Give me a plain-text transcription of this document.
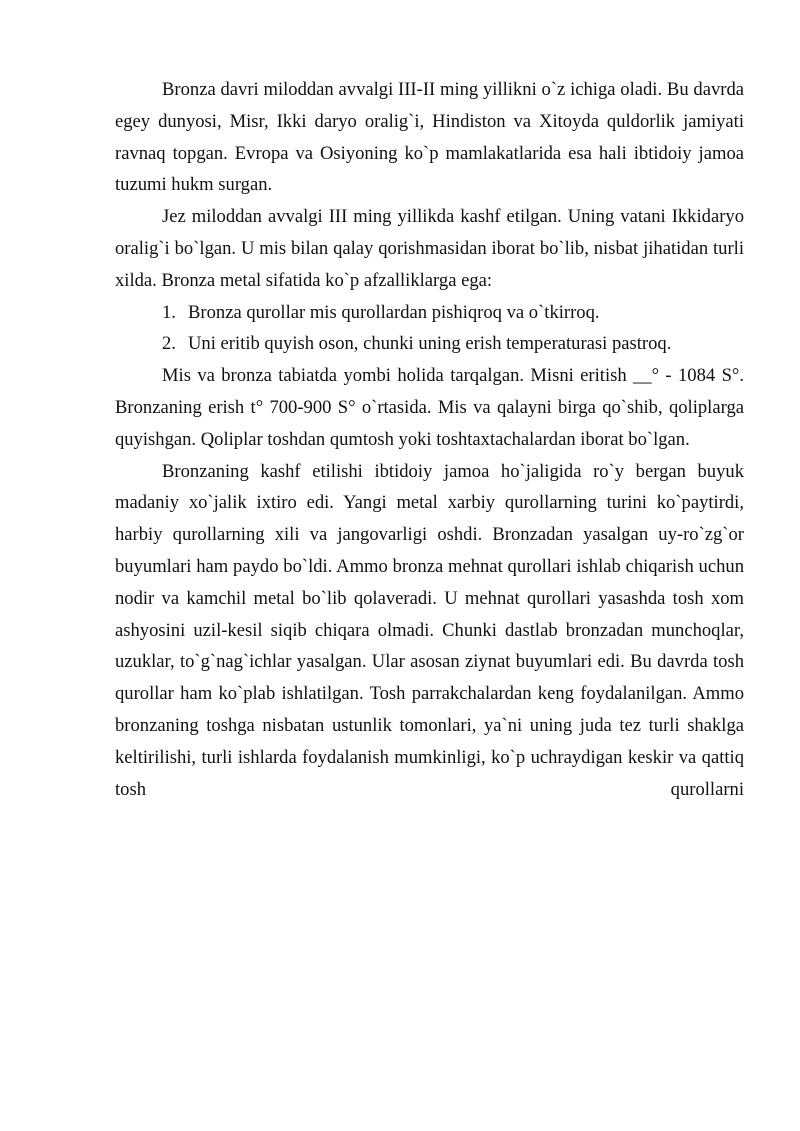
Bronza davri miloddan avvalgi III-II ming yillikni o`z ichiga oladi. Bu davrda egey dunyosi, Misr, Ikki daryo oralig`i, Hindiston va Xitoyda quldorlik jamiyati ravnaq topgan. Evropa va Osiyoning ko`p mamlakatlarida esa hali ibtidoiy jamoa tuzumi hukm surgan.

Jez miloddan avvalgi III ming yillikda kashf etilgan. Uning vatani Ikkidaryo oralig`i bo`lgan. U mis bilan qalay qorishmasidan iborat bo`lib, nisbat jihatidan turli xilda. Bronza metal sifatida ko`p afzalliklarga ega:

1. Bronza qurollar mis qurollardan pishiqroq va o`tkirroq.
2. Uni eritib quyish oson, chunki uning erish temperaturasi pastroq.

Mis va bronza tabiatda yombi holida tarqalgan. Misni eritish __° - 1084 S°. Bronzaning erish t° 700-900 S° o`rtasida. Mis va qalayni birga qo`shib, qoliplarga quyishgan. Qoliplar toshdan qumtosh yoki toshtaxtachalardan iborat bo`lgan.

Bronzaning kashf etilishi ibtidoiy jamoa ho`jaligida ro`y bergan buyuk madaniy xo`jalik ixtiro edi. Yangi metal xarbiy qurollarning turini ko`paytirdi, harbiy qurollarning xili va jangovarligi oshdi. Bronzadan yasalgan uy-ro`zg`or buyumlari ham paydo bo`ldi. Ammo bronza mehnat qurollari ishlab chiqarish uchun nodir va kamchil metal bo`lib qolaveradi. U mehnat qurollari yasashda tosh xom ashyosini uzil-kesil siqib chiqara olmadi. Chunki dastlab bronzadan munchoqlar, uzuklar, to`g`nag`ichlar yasalgan. Ular asosan ziynat buyumlari edi. Bu davrda tosh qurollar ham ko`plab ishlatilgan. Tosh parrakchalardan keng foydalanilgan. Ammo bronzaning toshga nisbatan ustunlik tomonlari, ya`ni uning juda tez turli shaklga keltirilishi, turli ishlarda foydalanish mumkinligi, ko`p uchraydigan keskir va qattiq tosh qurollarni
